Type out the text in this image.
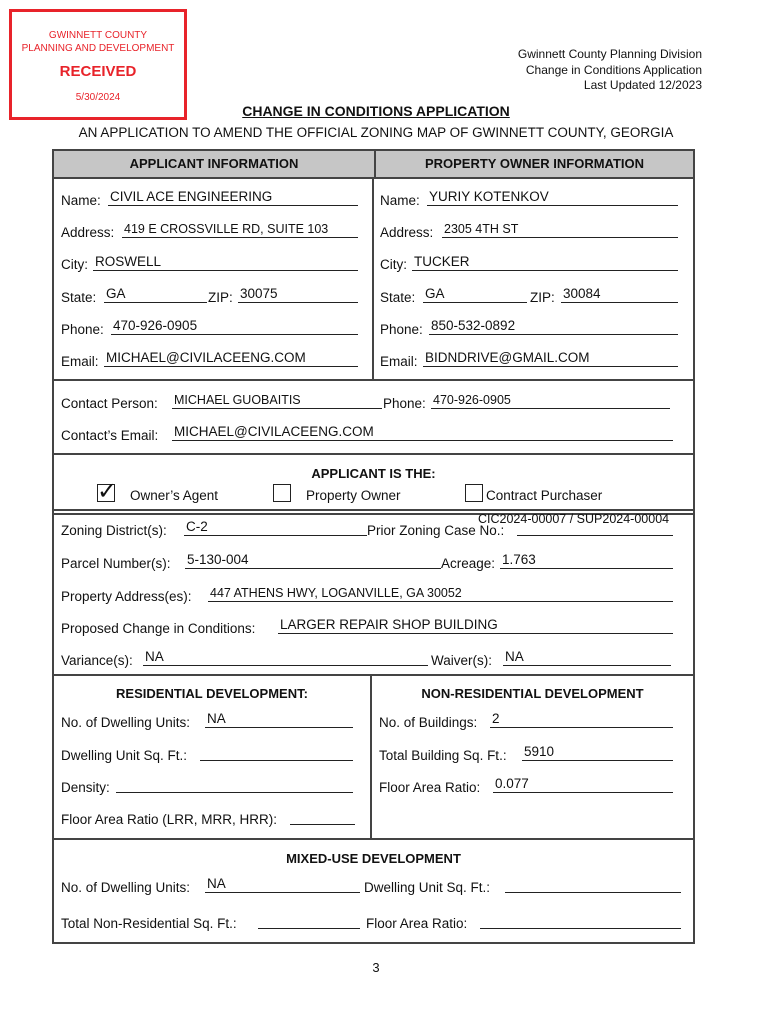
GWINNETT COUNTY
PLANNING AND DEVELOPMENT
RECEIVED
5/30/2024
Gwinnett County Planning Division
Change in Conditions Application
Last Updated 12/2023
CHANGE IN CONDITIONS APPLICATION
AN APPLICATION TO AMEND THE OFFICIAL ZONING MAP OF GWINNETT COUNTY, GEORGIA
APPLICANT INFORMATION	PROPERTY OWNER INFORMATION
Name: CIVIL ACE ENGINEERING
Address: 419 E CROSSVILLE RD, SUITE 103
City: ROSWELL
State: GA	ZIP: 30075
Phone: 470-926-0905
Email: MICHAEL@CIVILACEENG.COM
Name: YURIY KOTENKOV
Address: 2305 4TH ST
City: TUCKER
State: GA	ZIP: 30084
Phone: 850-532-0892
Email: BIDNDRIVE@GMAIL.COM
Contact Person: MICHAEL GUOBAITIS	Phone: 470-926-0905
Contact’s Email: MICHAEL@CIVILACEENG.COM
APPLICANT IS THE:
✓ Owner’s Agent	Property Owner	Contract Purchaser
Zoning District(s): C-2	Prior Zoning Case No.:
CIC2024-00007 / SUP2024-00004
Parcel Number(s): 5-130-004	Acreage: 1.763
Property Address(es): 447 ATHENS HWY, LOGANVILLE, GA 30052
Proposed Change in Conditions: LARGER REPAIR SHOP BUILDING
Variance(s): NA	Waiver(s): NA
RESIDENTIAL DEVELOPMENT:	NON-RESIDENTIAL DEVELOPMENT
No. of Dwelling Units: NA
Dwelling Unit Sq. Ft.:
Density:
Floor Area Ratio (LRR, MRR, HRR):
No. of Buildings: 2
Total Building Sq. Ft.: 5910
Floor Area Ratio: 0.077
MIXED-USE DEVELOPMENT
No. of Dwelling Units: NA	Dwelling Unit Sq. Ft.:
Total Non-Residential Sq. Ft.:	Floor Area Ratio:
3
